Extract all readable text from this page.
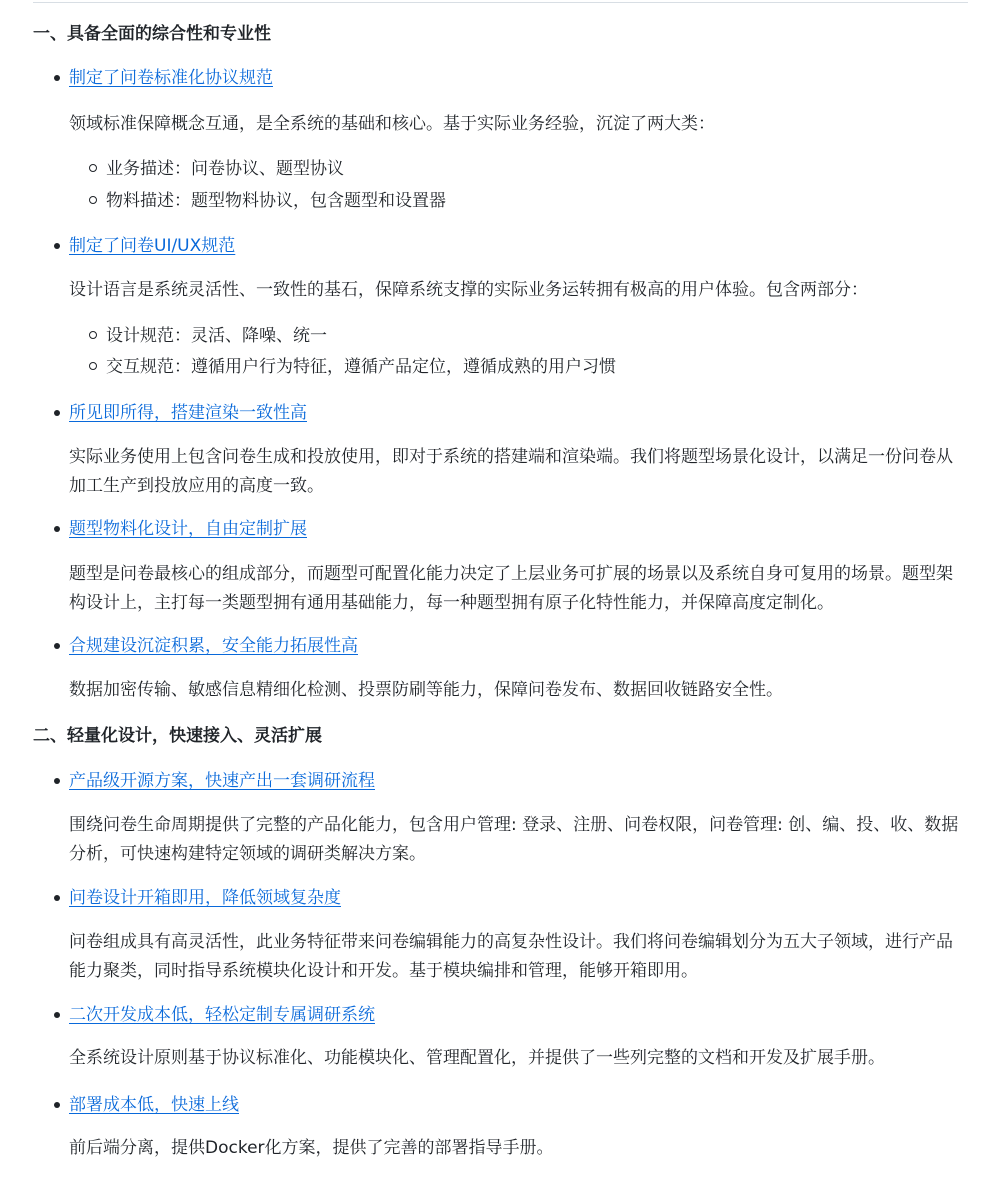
一、具备全面的综合性和专业性
制定了问卷标准化协议规范
领域标准保障概念互通，是全系统的基础和核心。基于实际业务经验，沉淀了两大类：
业务描述：问卷协议、题型协议
物料描述：题型物料协议，包含题型和设置器
制定了问卷UI/UX规范
设计语言是系统灵活性、一致性的基石，保障系统支撑的实际业务运转拥有极高的用户体验。包含两部分：
设计规范：灵活、降噪、统一
交互规范：遵循用户行为特征，遵循产品定位，遵循成熟的用户习惯
所见即所得，搭建渲染一致性高
实际业务使用上包含问卷生成和投放使用，即对于系统的搭建端和渲染端。我们将题型场景化设计，以满足一份问卷从加工生产到投放应用的高度一致。
题型物料化设计，自由定制扩展
题型是问卷最核心的组成部分，而题型可配置化能力决定了上层业务可扩展的场景以及系统自身可复用的场景。题型架构设计上，主打每一类题型拥有通用基础能力，每一种题型拥有原子化特性能力，并保障高度定制化。
合规建设沉淀积累，安全能力拓展性高
数据加密传输、敏感信息精细化检测、投票防刷等能力，保障问卷发布、数据回收链路安全性。
二、轻量化设计，快速接入、灵活扩展
产品级开源方案，快速产出一套调研流程
围绕问卷生命周期提供了完整的产品化能力，包含用户管理: 登录、注册、问卷权限，问卷管理: 创、编、投、收、数据分析，可快速构建特定领域的调研类解决方案。
问卷设计开箱即用，降低领域复杂度
问卷组成具有高灵活性，此业务特征带来问卷编辑能力的高复杂性设计。我们将问卷编辑划分为五大子领域，进行产品能力聚类，同时指导系统模块化设计和开发。基于模块编排和管理，能够开箱即用。
二次开发成本低，轻松定制专属调研系统
全系统设计原则基于协议标准化、功能模块化、管理配置化，并提供了一些列完整的文档和开发及扩展手册。
部署成本低，快速上线
前后端分离，提供Docker化方案，提供了完善的部署指导手册。
